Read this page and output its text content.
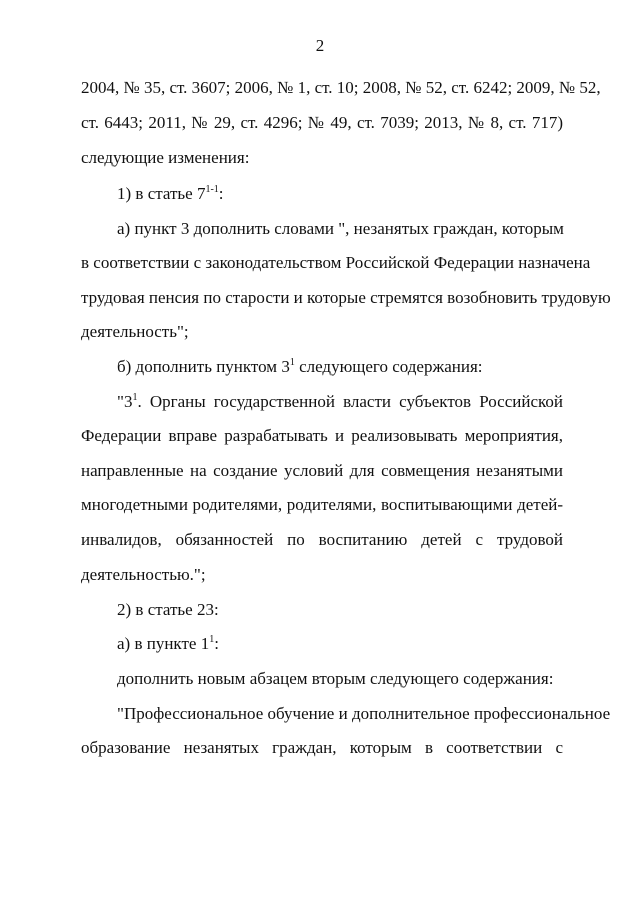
2
2004, № 35, ст. 3607; 2006, № 1, ст. 10; 2008, № 52, ст. 6242; 2009, № 52,
ст. 6443; 2011, № 29, ст. 4296; № 49, ст. 7039; 2013, № 8, ст. 717)
следующие изменения:
1) в статье 7$^{1-1}$:
а) пункт 3 дополнить словами ", незанятых граждан, которым
в соответствии с законодательством Российской Федерации назначена
трудовая пенсия по старости и которые стремятся возобновить трудовую
деятельность";
б) дополнить пунктом $3^1$ следующего содержания:
"$3^1$. Органы государственной власти субъектов Российской
Федерации вправе разрабатывать и реализовывать мероприятия,
направленные на создание условий для совмещения незанятыми
многодетными родителями, родителями, воспитывающими детей-
инвалидов, обязанностей по воспитанию детей с трудовой
деятельностью.";
2) в статье 23:
а) в пункте $1^1$:
дополнить новым абзацем вторым следующего содержания:
"Профессиональное обучение и дополнительное профессиональное
образование незанятых граждан, которым в соответствии с
